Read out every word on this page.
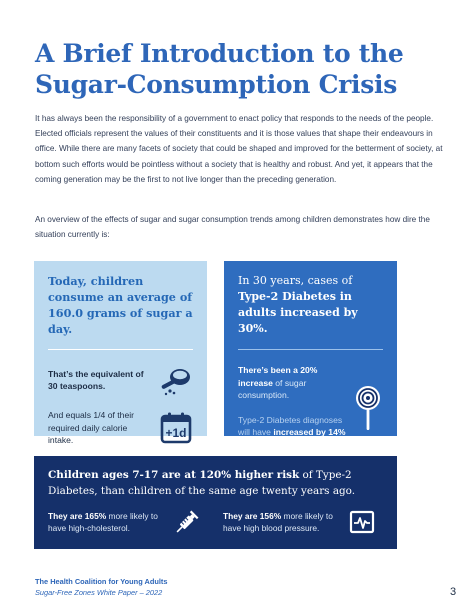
A Brief Introduction to the Sugar-Consumption Crisis

It has always been the responsibility of a government to enact policy that responds to the needs of the people. Elected officials represent the values of their constituents and it is those values that shape their endeavours in office. While there are many facets of society that could be shaped and improved for the betterment of society, at bottom such efforts would be pointless without a society that is healthy and robust. And yet, it appears that the coming generation may be the first to not live longer than the preceding generation.

An overview of the effects of sugar and sugar consumption trends among children demonstrates how dire the situation currently is:

Today, children consume an average of 160.0 grams of sugar a day.
That’s the equivalent of 30 teaspoons.
And equals 1/4 of their required daily calorie intake.
+1d
In 30 years, cases of Type-2 Diabetes in adults increased by 30%.
There’s been a 20% increase of sugar consumption.
Type-2 Diabetes diagnoses will have increased by 14% by 2030.
Children ages 7-17 are at 120% higher risk of Type-2 Diabetes, than children of the same age twenty years ago.
They are 165% more likely to have high-cholesterol.
They are 156% more likely to have high blood pressure.
The Health Coalition for Young Adults
Sugar-Free Zones White Paper – 2022	3
